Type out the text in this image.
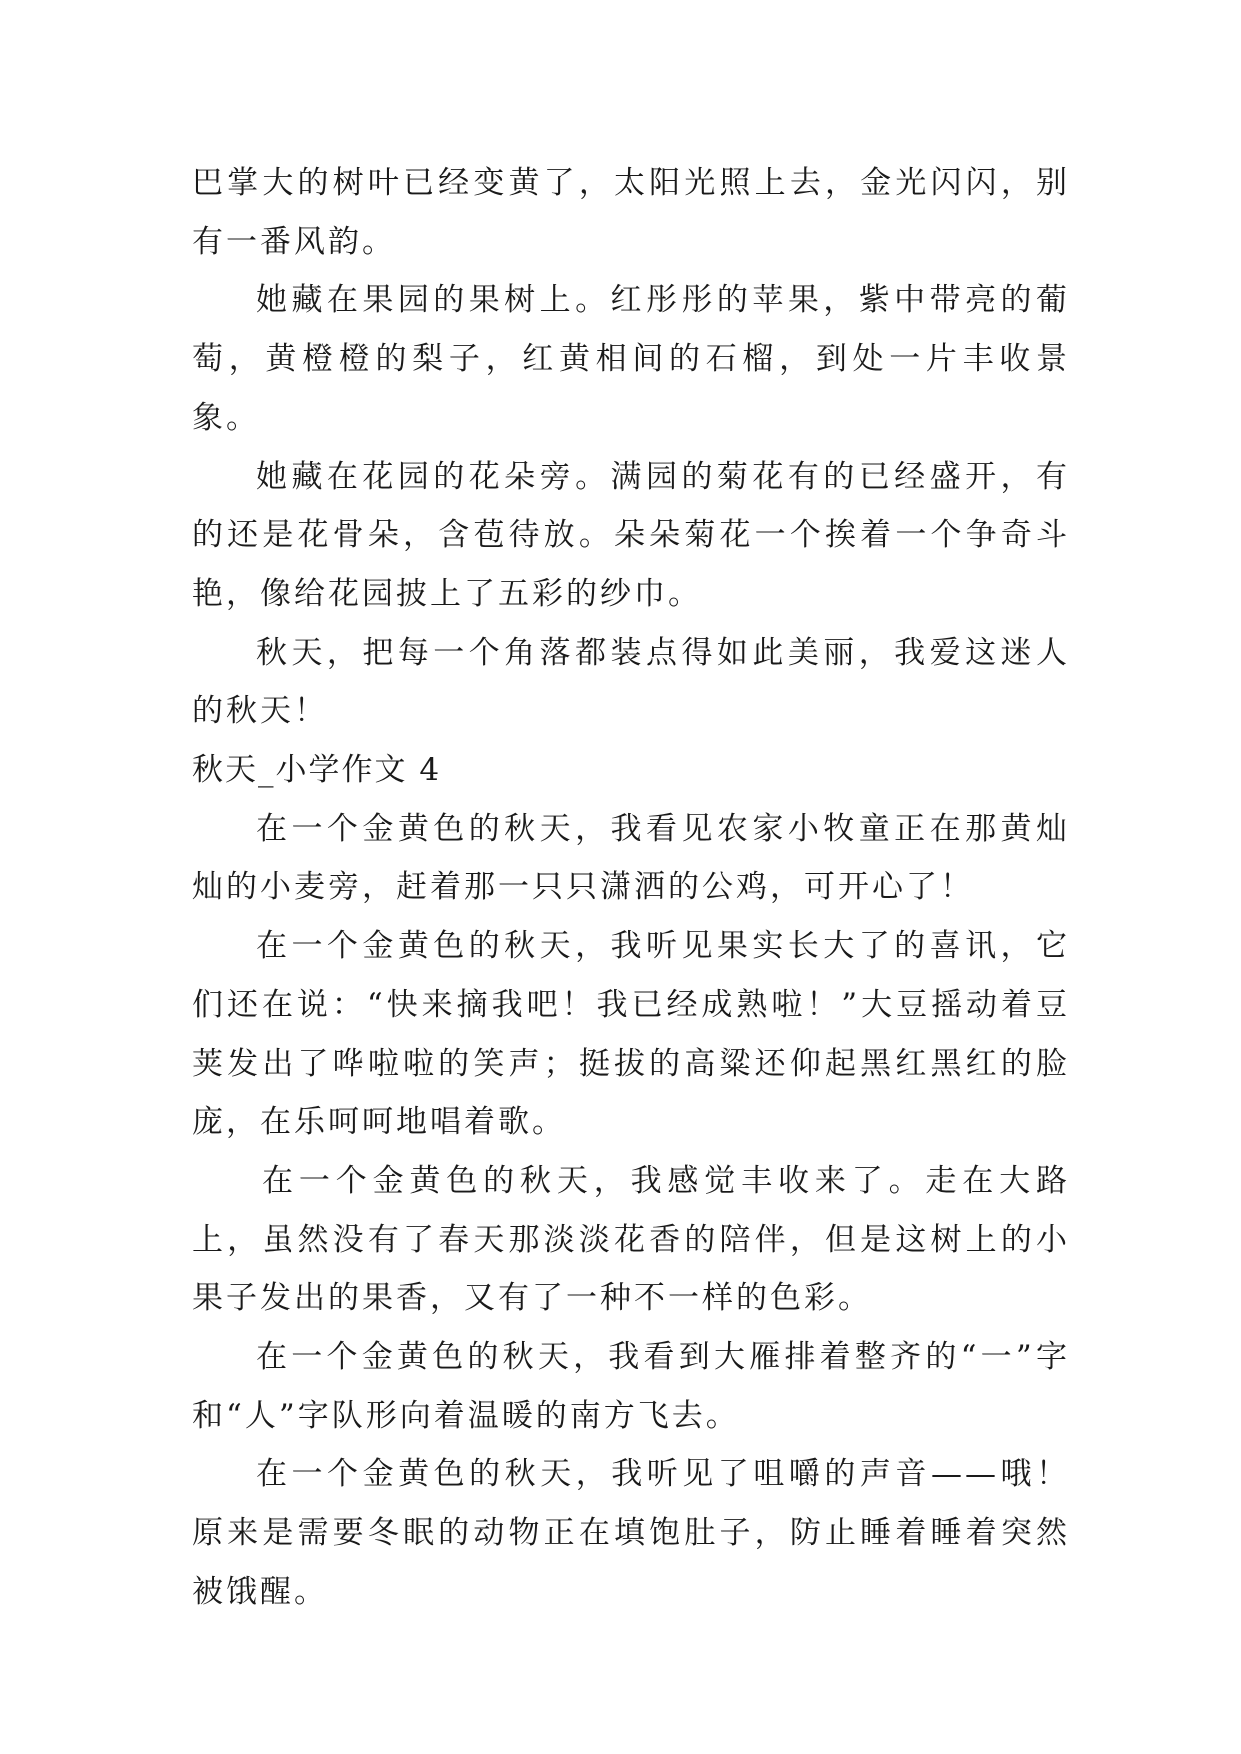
巴掌大的树叶已经变黄了，太阳光照上去，金光闪闪，别有一番风韵。

她藏在果园的果树上。红彤彤的苹果，紫中带亮的葡萄，黄橙橙的梨子，红黄相间的石榴，到处一片丰收景象。

她藏在花园的花朵旁。满园的菊花有的已经盛开，有的还是花骨朵，含苞待放。朵朵菊花一个挨着一个争奇斗艳，像给花园披上了五彩的纱巾。

秋天，把每一个角落都装点得如此美丽，我爱这迷人的秋天！

秋天_小学作文 4

在一个金黄色的秋天，我看见农家小牧童正在那黄灿灿的小麦旁，赶着那一只只潇洒的公鸡，可开心了！

在一个金黄色的秋天，我听见果实长大了的喜讯，它们还在说：“快来摘我吧！我已经成熟啦！”大豆摇动着豆荚发出了哗啦啦的笑声；挺拔的高粱还仰起黑红黑红的脸庞，在乐呵呵地唱着歌。

在一个金黄色的秋天，我感觉丰收来了。走在大路上，虽然没有了春天那淡淡花香的陪伴，但是这树上的小果子发出的果香，又有了一种不一样的色彩。

在一个金黄色的秋天，我看到大雁排着整齐的“一”字和“人”字队形向着温暖的南方飞去。

在一个金黄色的秋天，我听见了咀嚼的声音——哦！原来是需要冬眠的动物正在填饱肚子，防止睡着睡着突然被饿醒。
